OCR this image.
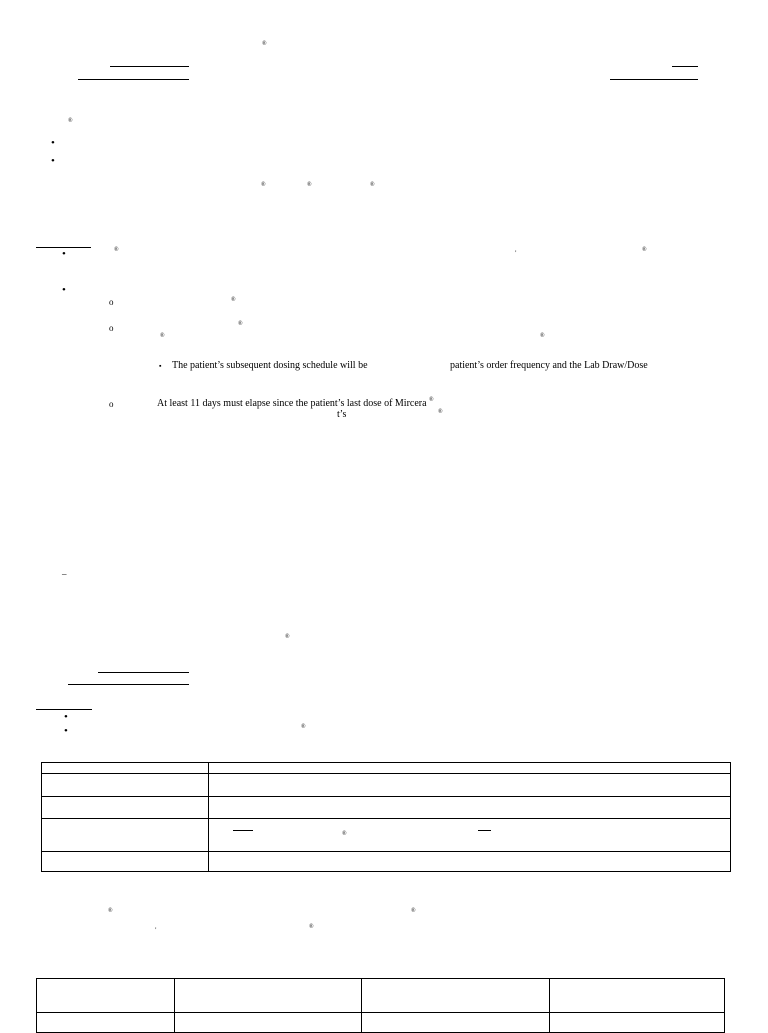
®
®
•
•
®	®	®
•	®	,	®
•
o	®
o	®
®	®
▪ The patient’s subsequent dosing schedule will be	patient’s order frequency and the Lab Draw/Dose
o	At least 11 days must elapse since the patient’s last dose of Mircera ®
t’s	®
–
®
•
•	®

	®

®	®
,	®
